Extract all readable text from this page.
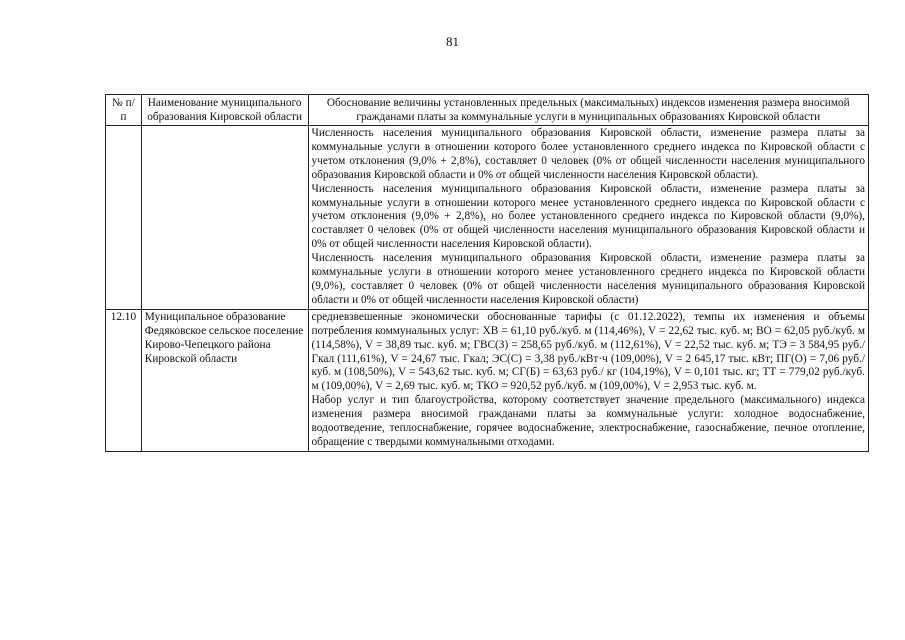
81
№ п/п	Наименование муниципального образования Кировской области	Обоснование величины установленных предельных (максимальных) индексов изменения размера вносимой гражданами платы за коммунальные услуги в муниципальных образованиях Кировской области

		Численность населения муниципального образования Кировской области, изменение размера платы за коммунальные услуги в отношении которого более установленного среднего индекса по Кировской области с учетом отклонения (9,0% + 2,8%), составляет 0 человек (0% от общей численности населения муниципального образования Кировской области и 0% от общей численности населения Кировской области).

Численность населения муниципального образования Кировской области, изменение размера платы за коммунальные услуги в отношении которого менее установленного среднего индекса по Кировской области с учетом отклонения (9,0% + 2,8%), но более установленного среднего индекса по Кировской области (9,0%), составляет 0 человек (0% от общей численности населения муниципального образования Кировской области и 0% от общей численности населения Кировской области).

Численность населения муниципального образования Кировской области, изменение размера платы за коммунальные услуги в отношении которого менее установленного среднего индекса по Кировской области (9,0%), составляет 0 человек (0% от общей численности населения муниципального образования Кировской области и 0% от общей численности населения Кировской области)

12.10	Муниципальное образование Федяковское сельское поселение Кирово-Чепецкого района Кировской области	средневзвешенные экономически обоснованные тарифы (с 01.12.2022), темпы их изменения и объемы потребления коммунальных услуг: ХВ = 61,10 руб./куб. м (114,46%), V = 22,62 тыс. куб. м; ВО = 62,05 руб./куб. м (114,58%), V = 38,89 тыс. куб. м; ГВС(З) = 258,65 руб./куб. м (112,61%), V = 22,52 тыс. куб. м; ТЭ = 3 584,95 руб./Гкал (111,61%), V = 24,67 тыс. Гкал; ЭС(С) = 3,38 руб./кВт·ч (109,00%), V = 2 645,17 тыс. кВт; ПГ(О) = 7,06 руб./куб. м (108,50%), V = 543,62 тыс. куб. м; СГ(Б) = 63,63 руб./ кг (104,19%), V = 0,101 тыс. кг; ТТ = 779,02 руб./куб. м (109,00%), V = 2,69 тыс. куб. м; ТКО = 920,52 руб./куб. м (109,00%), V = 2,953 тыс. куб. м.

Набор услуг и тип благоустройства, которому соответствует значение предельного (максимального) индекса изменения размера вносимой гражданами платы за коммунальные услуги: холодное водоснабжение, водоотведение, теплоснабжение, горячее водоснабжение, электроснабжение, газоснабжение, печное отопление, обращение с твердыми коммунальными отходами.
